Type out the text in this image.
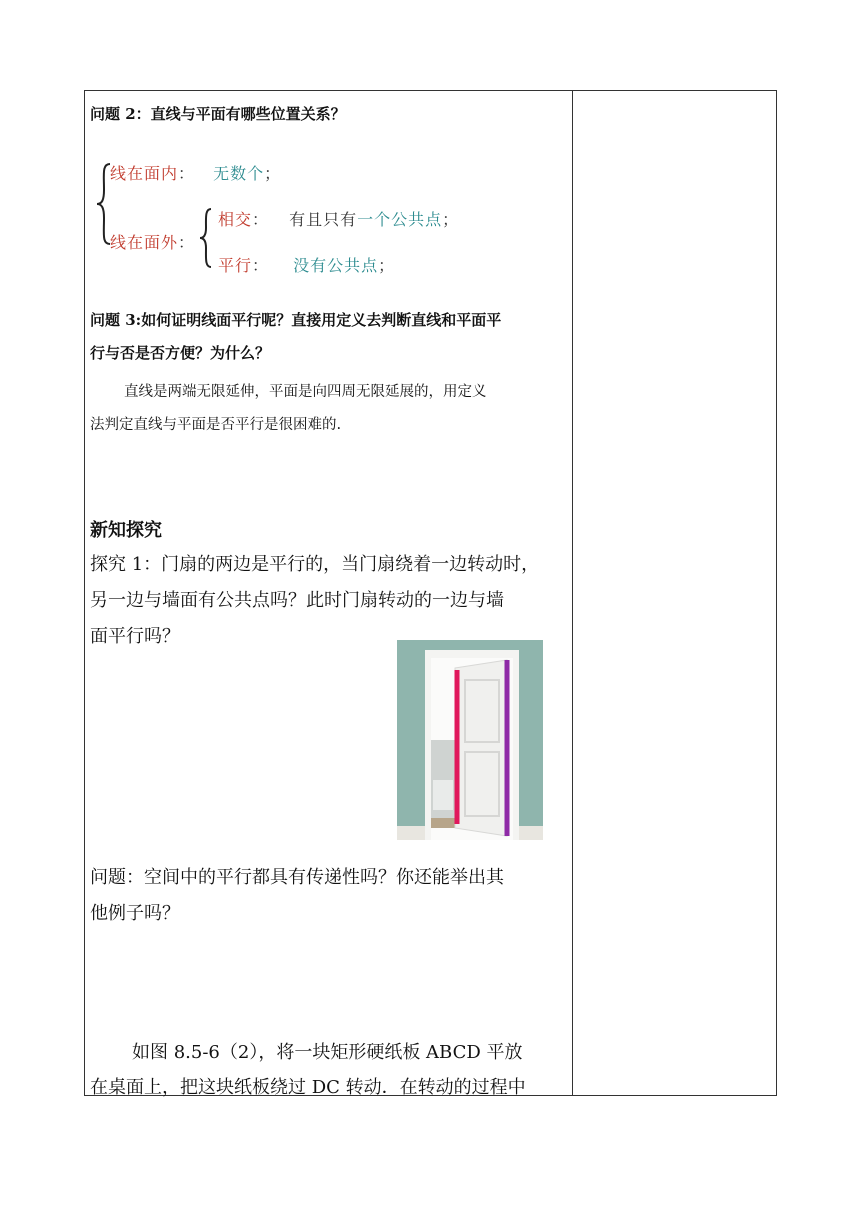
问题 2：直线与平面有哪些位置关系？
线在面内： 无数个；
线在面外：
相交： 有且只有一个公共点；
平行： 没有公共点；
问题 3:如何证明线面平行呢？直接用定义去判断直线和平面平
行与否是否方便？为什么？
直线是两端无限延伸，平面是向四周无限延展的，用定义
法判定直线与平面是否平行是很困难的.
新知探究
探究 1：门扇的两边是平行的，当门扇绕着一边转动时，
另一边与墙面有公共点吗？此时门扇转动的一边与墙
面平行吗？
问题：空间中的平行都具有传递性吗？你还能举出其
他例子吗？
如图 8.5-6（2），将一块矩形硬纸板 ABCD 平放
在桌面上，把这块纸板绕过 DC 转动．在转动的过程中
